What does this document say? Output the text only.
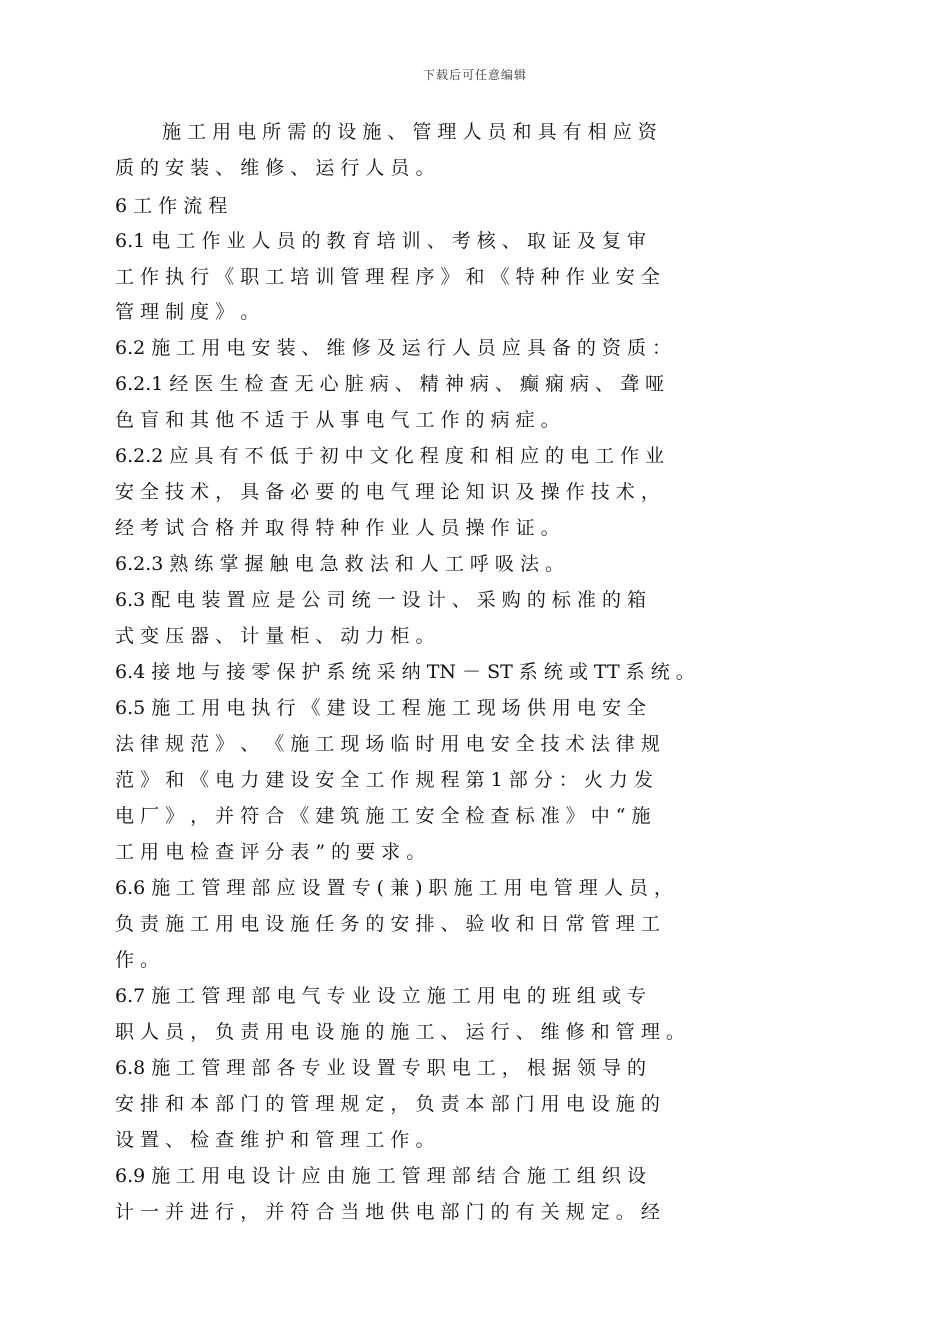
下载后可任意编辑
施 工 用 电 所 需 的 设 施 、 管 理 人 员 和 具 有 相 应 资
质 的 安 装 、 维 修 、 运 行 人 员 。
6 工 作 流 程
6.1 电 工 作 业 人 员 的 教 育 培 训 、 考 核 、 取 证 及 复 审
工 作 执 行 《 职 工 培 训 管 理 程 序 》 和 《 特 种 作 业 安 全
管 理 制 度 》 。
6.2 施 工 用 电 安 装 、 维 修 及 运 行 人 员 应 具 备 的 资 质 ：
6.2.1 经 医 生 检 查 无 心 脏 病 、 精 神 病 、 癫 痫 病 、 聋 哑
色 盲 和 其 他 不 适 于 从 事 电 气 工 作 的 病 症 。
6.2.2 应 具 有 不 低 于 初 中 文 化 程 度 和 相 应 的 电 工 作 业
安 全 技 术 ， 具 备 必 要 的 电 气 理 论 知 识 及 操 作 技 术 ，
经 考 试 合 格 并 取 得 特 种 作 业 人 员 操 作 证 。
6.2.3 熟 练 掌 握 触 电 急 救 法 和 人 工 呼 吸 法 。
6.3 配 电 装 置 应 是 公 司 统 一 设 计 、 采 购 的 标 准 的 箱
式 变 压 器 、 计 量 柜 、 动 力 柜 。
6.4 接 地 与 接 零 保 护 系 统 采 纳 TN － ST 系 统 或 TT 系 统 。
6.5 施 工 用 电 执 行 《 建 设 工 程 施 工 现 场 供 用 电 安 全
法 律 规 范 》 、 《 施 工 现 场 临 时 用 电 安 全 技 术 法 律 规
范 》 和 《 电 力 建 设 安 全 工 作 规 程 第 1 部 分 ： 火 力 发
电 厂 》 ， 并 符 合 《 建 筑 施 工 安 全 检 查 标 准 》 中 “ 施
工 用 电 检 查 评 分 表 ” 的 要 求 。
6.6 施 工 管 理 部 应 设 置 专 ( 兼 ) 职 施 工 用 电 管 理 人 员 ，
负 责 施 工 用 电 设 施 任 务 的 安 排 、 验 收 和 日 常 管 理 工
作 。
6.7 施 工 管 理 部 电 气 专 业 设 立 施 工 用 电 的 班 组 或 专
职 人 员 ， 负 责 用 电 设 施 的 施 工 、 运 行 、 维 修 和 管 理 。
6.8 施 工 管 理 部 各 专 业 设 置 专 职 电 工 ， 根 据 领 导 的
安 排 和 本 部 门 的 管 理 规 定 ， 负 责 本 部 门 用 电 设 施 的
设 置 、 检 查 维 护 和 管 理 工 作 。
6.9 施 工 用 电 设 计 应 由 施 工 管 理 部 结 合 施 工 组 织 设
计 一 并 进 行 ， 并 符 合 当 地 供 电 部 门 的 有 关 规 定 。 经
